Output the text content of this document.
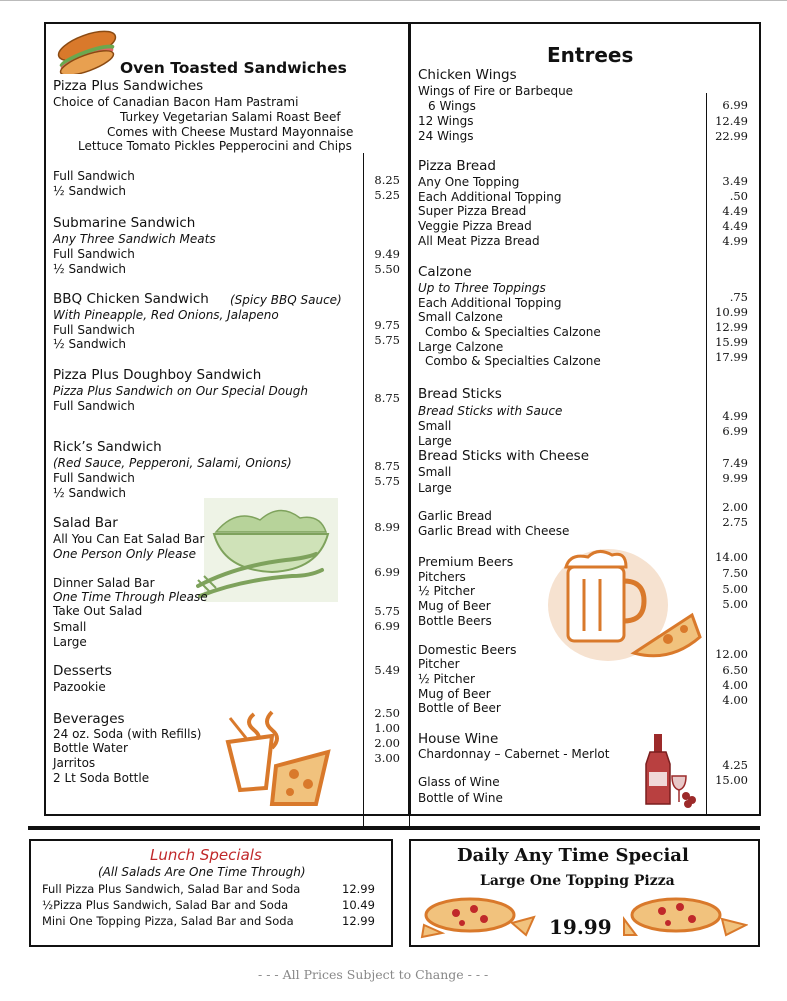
Oven Toasted Sandwiches
Pizza Plus Sandwiches
Choice of Canadian Bacon Ham Pastrami
Turkey Vegetarian Salami Roast Beef
Comes with Cheese Mustard Mayonnaise
Lettuce Tomato Pickles Pepperocini and Chips
Full Sandwich
½ Sandwich
8.25
5.25
Submarine Sandwich
Any Three Sandwich Meats
Full Sandwich
½ Sandwich
9.49
5.50
BBQ Chicken Sandwich (Spicy BBQ Sauce)
With Pineapple, Red Onions, Jalapeno
Full Sandwich
½ Sandwich
9.75
5.75
Pizza Plus Doughboy Sandwich
Pizza Plus Sandwich on Our Special Dough
Full Sandwich
8.75
Rick’s Sandwich
(Red Sauce, Pepperoni, Salami, Onions)
Full Sandwich
½ Sandwich
8.75
5.75
Salad Bar
All You Can Eat Salad Bar
One Person Only Please
8.99
Dinner Salad Bar
One Time Through Please
6.99
Take Out Salad
Small
Large
5.75
6.99
Desserts
Pazookie
5.49
Beverages
24 oz. Soda (with Refills)
Bottle Water
Jarritos
2 Lt Soda Bottle
2.50
1.00
2.00
3.00
Entrees
Chicken Wings
Wings of Fire or Barbeque
6 Wings
12 Wings
24 Wings
6.99
12.49
22.99
Pizza Bread
Any One Topping
Each Additional Topping
Super Pizza Bread
Veggie Pizza Bread
All Meat Pizza Bread
3.49
.50
4.49
4.49
4.99
Calzone
Up to Three Toppings
Each Additional Topping
Small Calzone
Combo & Specialties Calzone
Large Calzone
Combo & Specialties Calzone
.75
10.99
12.99
15.99
17.99
Bread Sticks
Bread Sticks with Sauce
Small
Large
4.99
6.99
Bread Sticks with Cheese
Small
Large
7.49
9.99
Garlic Bread
Garlic Bread with Cheese
2.00
2.75
Premium Beers
Pitchers
½ Pitcher
Mug of Beer
Bottle Beers
14.00
7.50
5.00
5.00
Domestic Beers
Pitcher
½ Pitcher
Mug of Beer
Bottle of Beer
12.00
6.50
4.00
4.00
House Wine
Chardonnay – Cabernet - Merlot
Glass of Wine
Bottle of Wine
4.25
15.00
Lunch Specials
(All Salads Are One Time Through)
Full Pizza Plus Sandwich, Salad Bar and Soda
½Pizza Plus Sandwich, Salad Bar and Soda
Mini One Topping Pizza, Salad Bar and Soda
12.99
10.49
12.99
Daily Any Time Special
Large One Topping Pizza
19.99
- - - All Prices Subject to Change - - -
